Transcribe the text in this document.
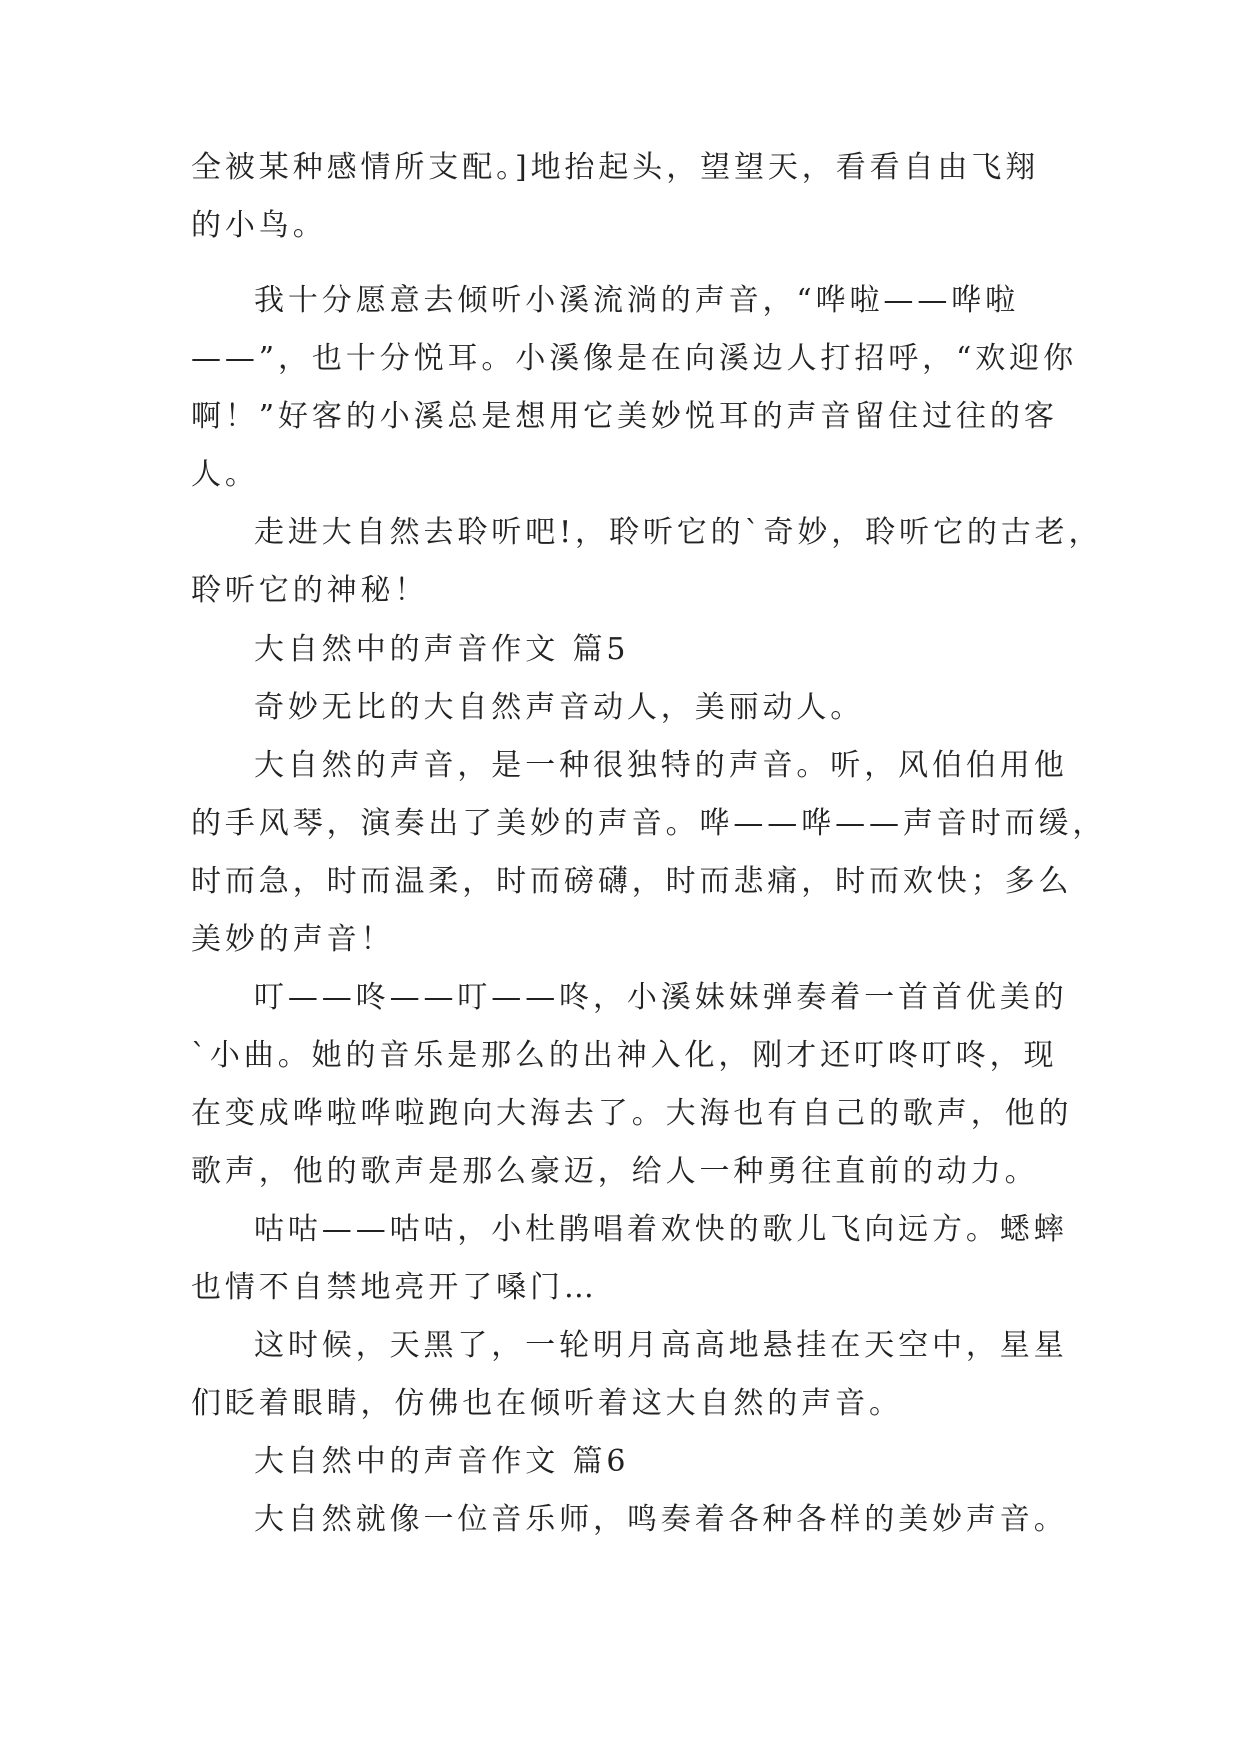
全被某种感情所支配。]地抬起头，望望天，看看自由飞翔
的小鸟。
我十分愿意去倾听小溪流淌的声音，“哗啦——哗啦
——”，也十分悦耳。小溪像是在向溪边人打招呼，“欢迎你
啊！”好客的小溪总是想用它美妙悦耳的声音留住过往的客
人。
走进大自然去聆听吧!，聆听它的`奇妙，聆听它的古老，
聆听它的神秘！
大自然中的声音作文 篇5
奇妙无比的大自然声音动人，美丽动人。
大自然的声音，是一种很独特的声音。听，风伯伯用他
的手风琴，演奏出了美妙的声音。哗——哗——声音时而缓，
时而急，时而温柔，时而磅礴，时而悲痛，时而欢快；多么
美妙的声音！
叮——咚——叮——咚，小溪妹妹弹奏着一首首优美的
`小曲。她的音乐是那么的出神入化，刚才还叮咚叮咚，现
在变成哗啦哗啦跑向大海去了。大海也有自己的歌声，他的
歌声，他的歌声是那么豪迈，给人一种勇往直前的动力。
咕咕——咕咕，小杜鹃唱着欢快的歌儿飞向远方。蟋蟀
也情不自禁地亮开了嗓门…
这时候，天黑了，一轮明月高高地悬挂在天空中，星星
们眨着眼睛，仿佛也在倾听着这大自然的声音。
大自然中的声音作文 篇6
大自然就像一位音乐师，鸣奏着各种各样的美妙声音。
